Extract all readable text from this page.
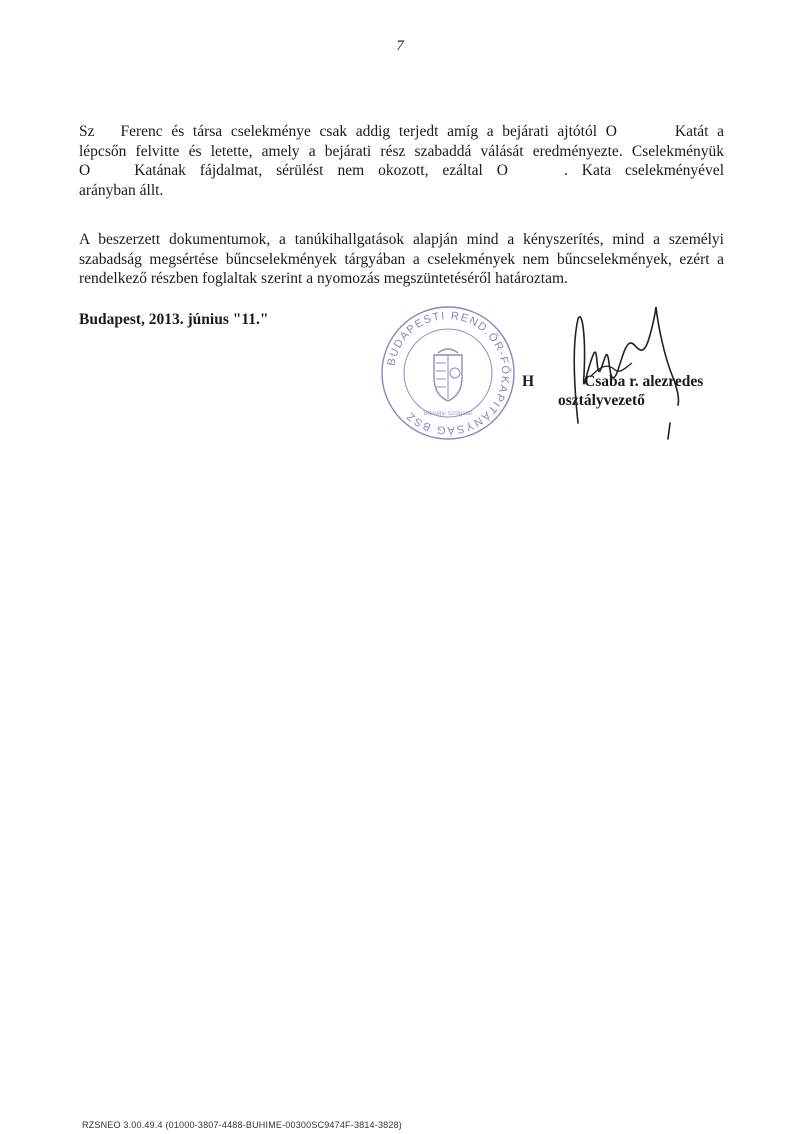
7
Sz Ferenc és társa cselekménye csak addig terjedt amíg a bejárati ajtótól O	Katát a
lépcsőn felvitte és letette, amely a bejárati rész szabaddá válását eredményezte. Cselekményük
O	Katának fájdalmat, sérülést nem okozott, ezáltal O	. Kata cselekményével
arányban állt.
A beszerzett dokumentumok, a tanúkihallgatások alapján mind a kényszerítés, mind a személyi
szabadság megsértése bűncselekmények tárgyában a cselekmények nem bűncselekmények, ezért a
rendelkező részben foglaltak szerint a nyomozás megszüntetéséről határoztam.
Budapest, 2013. június "11."
BUDAPESTI REND.ŐR-FŐKAPITÁNYSÁG BSZ	Bűnügyi Szolgálat
H	Csaba r. alezredes
osztályvezető
RZSNEO 3.00.49.4 (01000-3807-4488-BUHIME-00300SC9474F-3814-3828)
